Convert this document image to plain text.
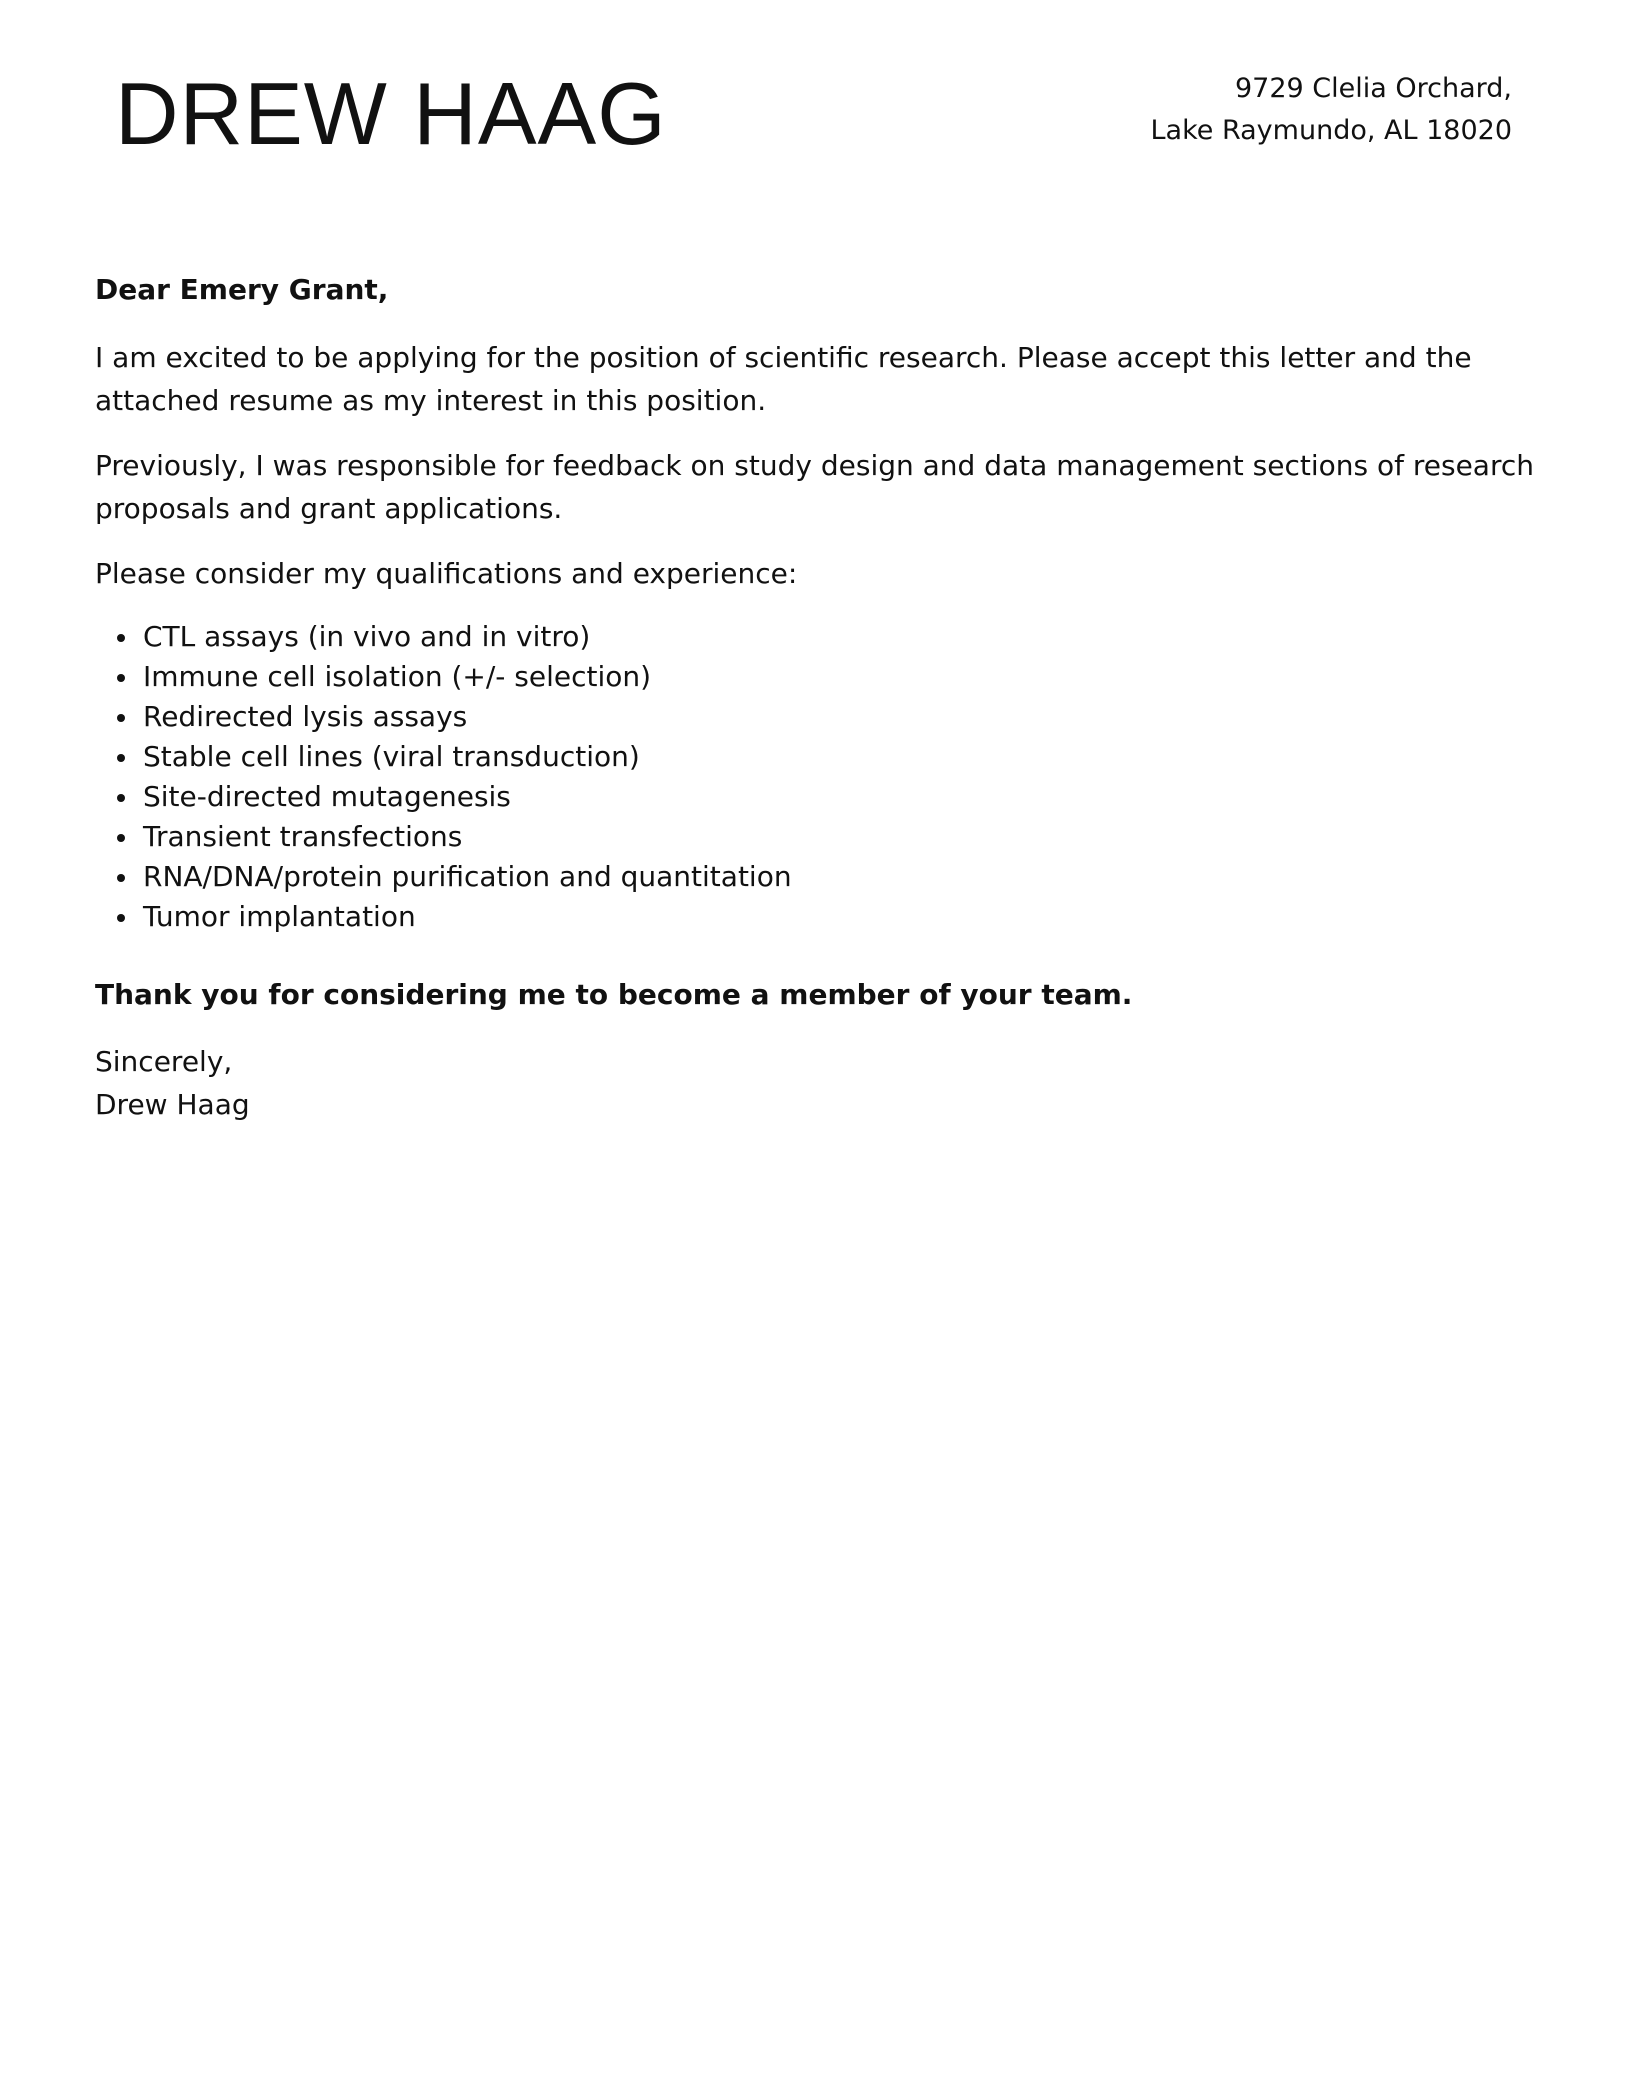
DREW HAAG	9729 Clelia Orchard,
Lake Raymundo, AL 18020

Dear Emery Grant,

I am excited to be applying for the position of scientific research. Please accept this letter and the attached resume as my interest in this position.

Previously, I was responsible for feedback on study design and data management sections of research proposals and grant applications.

Please consider my qualifications and experience:

CTL assays (in vivo and in vitro)
Immune cell isolation (+/- selection)
Redirected lysis assays
Stable cell lines (viral transduction)
Site-directed mutagenesis
Transient transfections
RNA/DNA/protein purification and quantitation
Tumor implantation

Thank you for considering me to become a member of your team.

Sincerely,
Drew Haag
